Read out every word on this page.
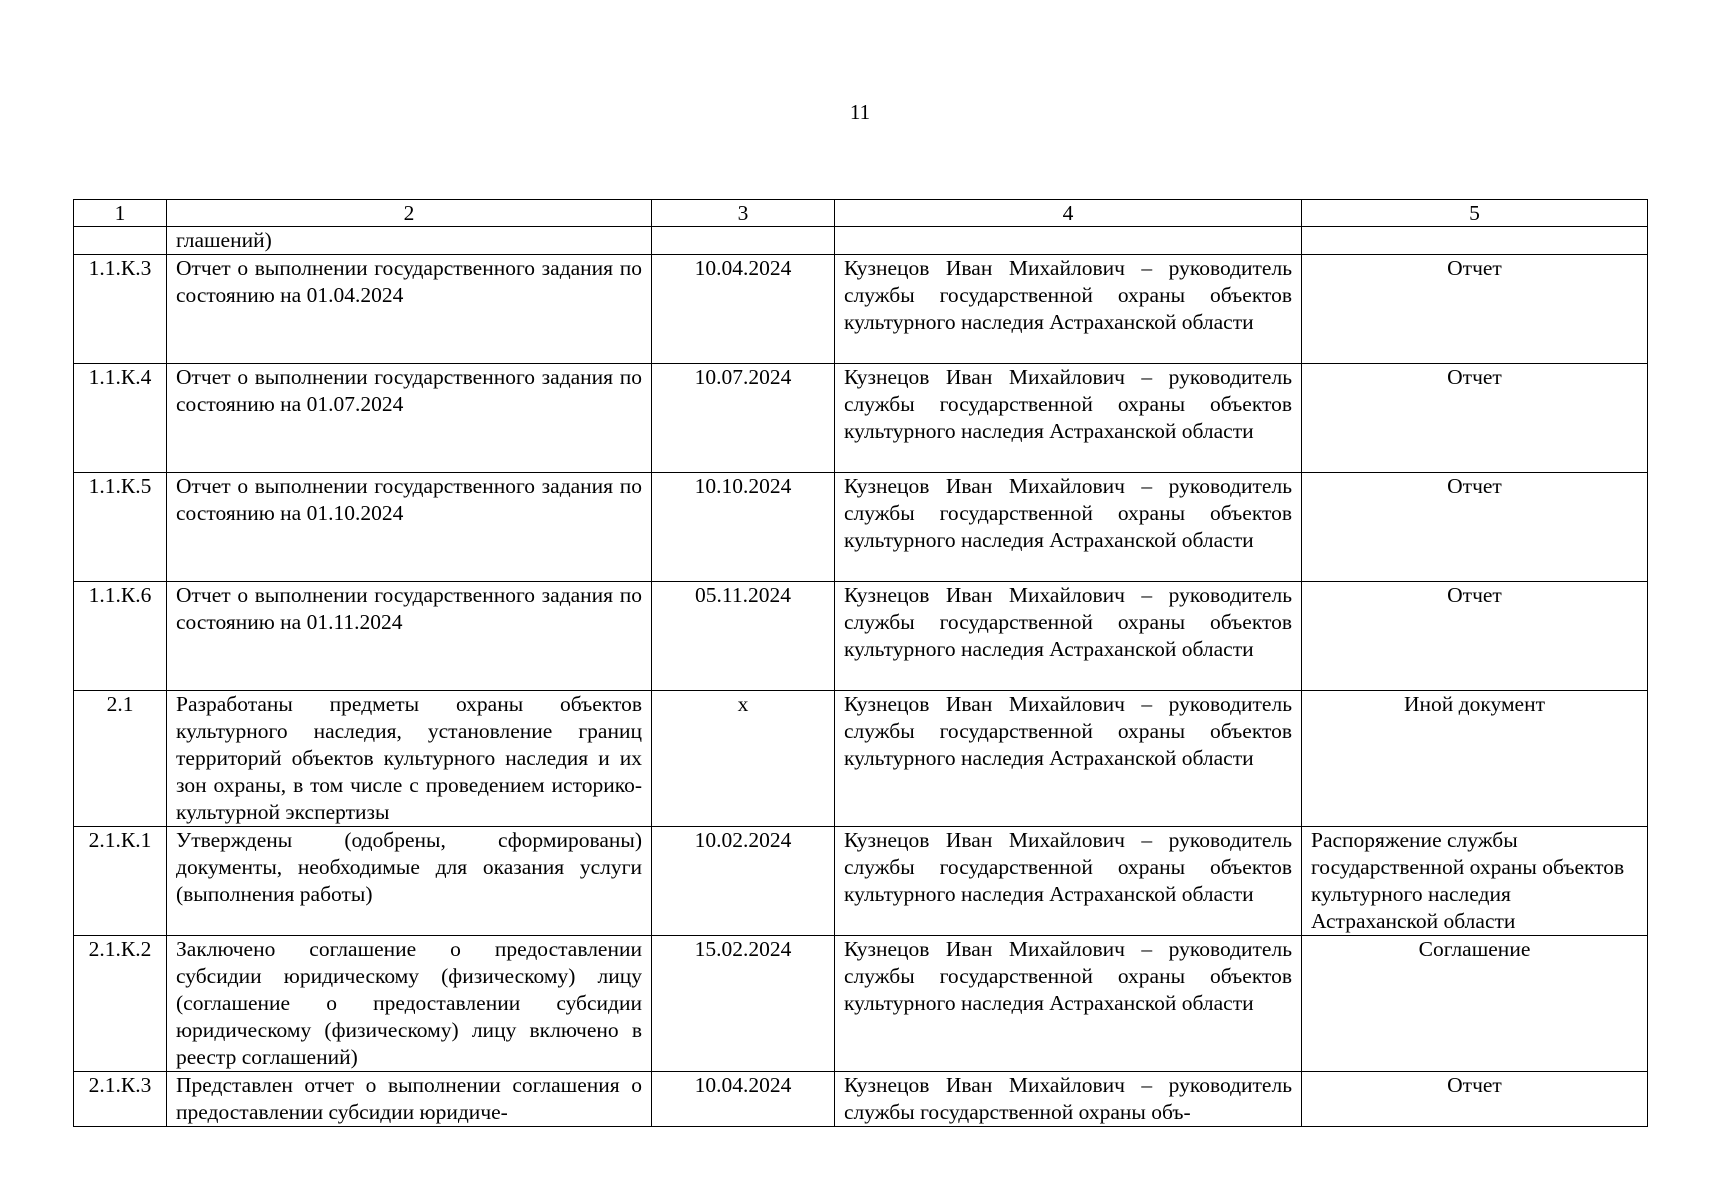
11
1	2	3	4	5
	глашений)			
1.1.К.3	Отчет о выполнении государственного задания по состоянию на 01.04.2024	10.04.2024	Кузнецов Иван Михайлович – руководитель службы государственной охраны объектов культурного наследия Астраханской области	Отчет
1.1.К.4	Отчет о выполнении государственного задания по состоянию на 01.07.2024	10.07.2024	Кузнецов Иван Михайлович – руководитель службы государственной охраны объектов культурного наследия Астраханской области	Отчет
1.1.К.5	Отчет о выполнении государственного задания по состоянию на 01.10.2024	10.10.2024	Кузнецов Иван Михайлович – руководитель службы государственной охраны объектов культурного наследия Астраханской области	Отчет
1.1.К.6	Отчет о выполнении государственного задания по состоянию на 01.11.2024	05.11.2024	Кузнецов Иван Михайлович – руководитель службы государственной охраны объектов культурного наследия Астраханской области	Отчет
2.1	Разработаны предметы охраны объектов культурного наследия, установление границ территорий объектов культурного наследия и их зон охраны, в том числе с проведением историко-культурной экспертизы	х	Кузнецов Иван Михайлович – руководитель службы государственной охраны объектов культурного наследия Астраханской области	Иной документ
2.1.К.1	Утверждены (одобрены, сформированы) документы, необходимые для оказания услуги (выполнения работы)	10.02.2024	Кузнецов Иван Михайлович – руководитель службы государственной охраны объектов культурного наследия Астраханской области	Распоряжение службы государственной охраны объектов культурного наследия Астраханской области
2.1.К.2	Заключено соглашение о предоставлении субсидии юридическому (физическому) лицу (соглашение о предоставлении субсидии юридическому (физическому) лицу включено в реестр соглашений)	15.02.2024	Кузнецов Иван Михайлович – руководитель службы государственной охраны объектов культурного наследия Астраханской области	Соглашение
2.1.К.3	Представлен отчет о выполнении соглашения о предоставлении субсидии юридиче-	10.04.2024	Кузнецов Иван Михайлович – руководитель службы государственной охраны объ-	Отчет
